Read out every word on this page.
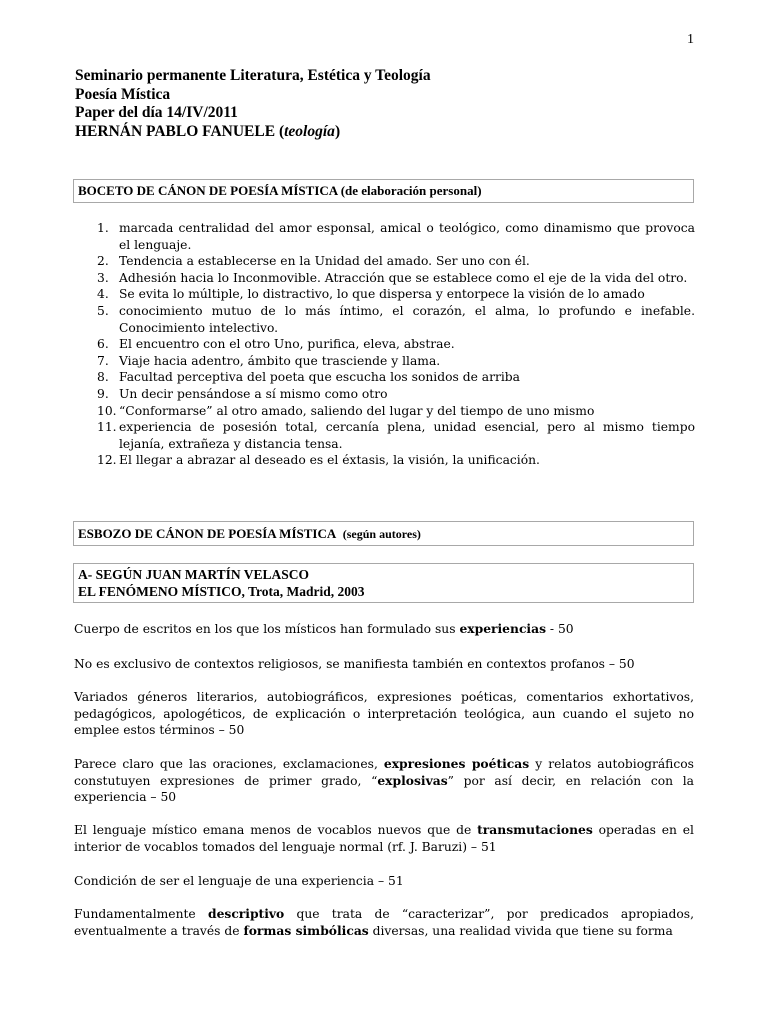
1
Seminario permanente Literatura, Estética y Teología
Poesía Mística
Paper del día 14/IV/2011
HERNÁN PABLO FANUELE (teología)
BOCETO DE CÁNON DE POESÍA MÍSTICA (de elaboración personal)
1. marcada centralidad del amor esponsal, amical o teológico, como dinamismo que provoca el lenguaje.
2. Tendencia a establecerse en la Unidad del amado. Ser uno con él.
3. Adhesión hacia lo Inconmovible. Atracción que se establece como el eje de la vida del otro.
4. Se evita lo múltiple, lo distractivo, lo que dispersa y entorpece la visión de lo amado
5. conocimiento mutuo de lo más íntimo, el corazón, el alma, lo profundo e inefable. Conocimiento intelectivo.
6. El encuentro con el otro Uno, purifica, eleva, abstrae.
7. Viaje hacia adentro, ámbito que trasciende y llama.
8. Facultad perceptiva del poeta que escucha los sonidos de arriba
9. Un decir pensándose a sí mismo como otro
10. “Conformarse” al otro amado, saliendo del lugar y del tiempo de uno mismo
11. experiencia de posesión total, cercanía plena, unidad esencial, pero al mismo tiempo lejanía, extrañeza y distancia tensa.
12. El llegar a abrazar al deseado es el éxtasis, la visión, la unificación.
ESBOZO DE CÁNON DE POESÍA MÍSTICA (según autores)
A- SEGÚN JUAN MARTÍN VELASCO
EL FENÓMENO MÍSTICO, Trota, Madrid, 2003
Cuerpo de escritos en los que los místicos han formulado sus experiencias - 50
No es exclusivo de contextos religiosos, se manifiesta también en contextos profanos – 50
Variados géneros literarios, autobiográficos, expresiones poéticas, comentarios exhortativos, pedagógicos, apologéticos, de explicación o interpretación teológica, aun cuando el sujeto no emplee estos términos – 50
Parece claro que las oraciones, exclamaciones, expresiones poéticas y relatos autobiográficos constutuyen expresiones de primer grado, “explosivas” por así decir, en relación con la experiencia – 50
El lenguaje místico emana menos de vocablos nuevos que de transmutaciones operadas en el interior de vocablos tomados del lenguaje normal (rf. J. Baruzi) – 51
Condición de ser el lenguaje de una experiencia – 51
Fundamentalmente descriptivo que trata de “caracterizar”, por predicados apropiados, eventualmente a través de formas simbólicas diversas, una realidad vivida que tiene su forma
